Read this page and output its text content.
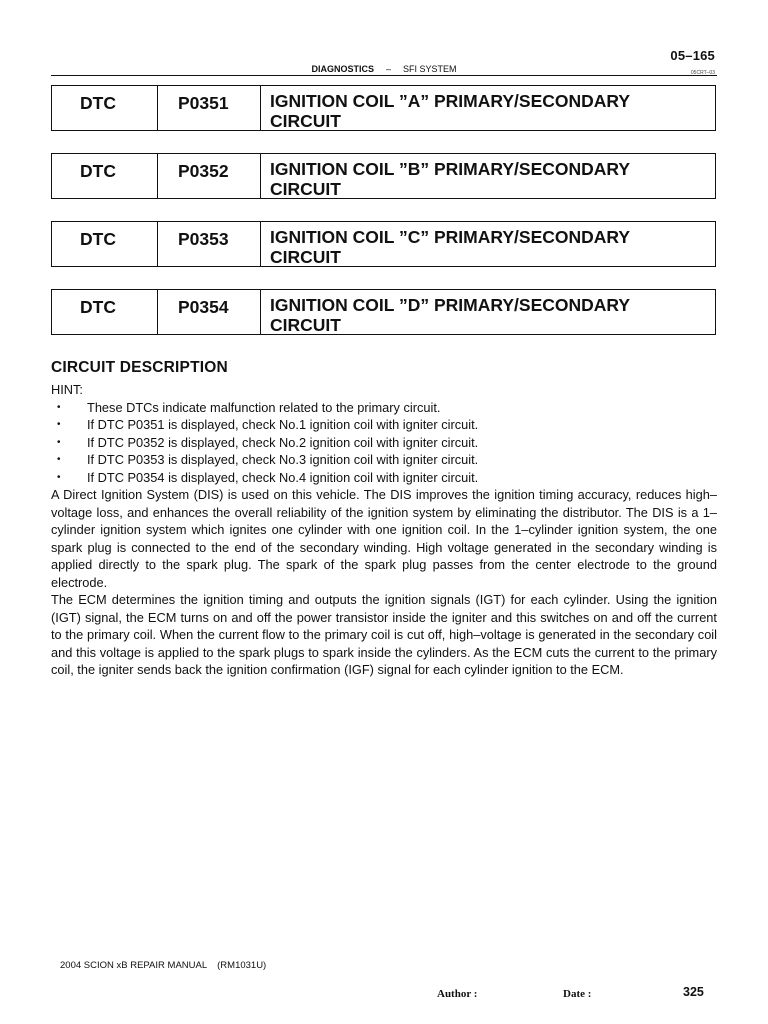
05–165
DIAGNOSTICS – SFI SYSTEM	05CRT–03
DTC	P0351	IGNITION COIL ”A” PRIMARY/SECONDARY
CIRCUIT
DTC	P0352	IGNITION COIL ”B” PRIMARY/SECONDARY
CIRCUIT
DTC	P0353	IGNITION COIL ”C” PRIMARY/SECONDARY
CIRCUIT
DTC	P0354	IGNITION COIL ”D” PRIMARY/SECONDARY
CIRCUIT
CIRCUIT DESCRIPTION

HINT:

• These DTCs indicate malfunction related to the primary circuit.
• If DTC P0351 is displayed, check No.1 ignition coil with igniter circuit.
• If DTC P0352 is displayed, check No.2 ignition coil with igniter circuit.
• If DTC P0353 is displayed, check No.3 ignition coil with igniter circuit.
• If DTC P0354 is displayed, check No.4 ignition coil with igniter circuit.

A Direct Ignition System (DIS) is used on this vehicle. The DIS improves the ignition timing accuracy, reduces high–voltage loss, and enhances the overall reliability of the ignition system by eliminating the distributor. The DIS is a 1–cylinder ignition system which ignites one cylinder with one ignition coil. In the 1–cylinder ignition system, the one spark plug is connected to the end of the secondary winding. High voltage generated in the secondary winding is applied directly to the spark plug. The spark of the spark plug passes from the center electrode to the ground electrode.

The ECM determines the ignition timing and outputs the ignition signals (IGT) for each cylinder. Using the ignition (IGT) signal, the ECM turns on and off the power transistor inside the igniter and this switches on and off the current to the primary coil. When the current flow to the primary coil is cut off, high–voltage is generated in the secondary coil and this voltage is applied to the spark plugs to spark inside the cylinders. As the ECM cuts the current to the primary coil, the igniter sends back the ignition confirmation (IGF) signal for each cylinder ignition to the ECM.

2004 SCION xB REPAIR MANUAL (RM1031U)
Author :	Date :	325
